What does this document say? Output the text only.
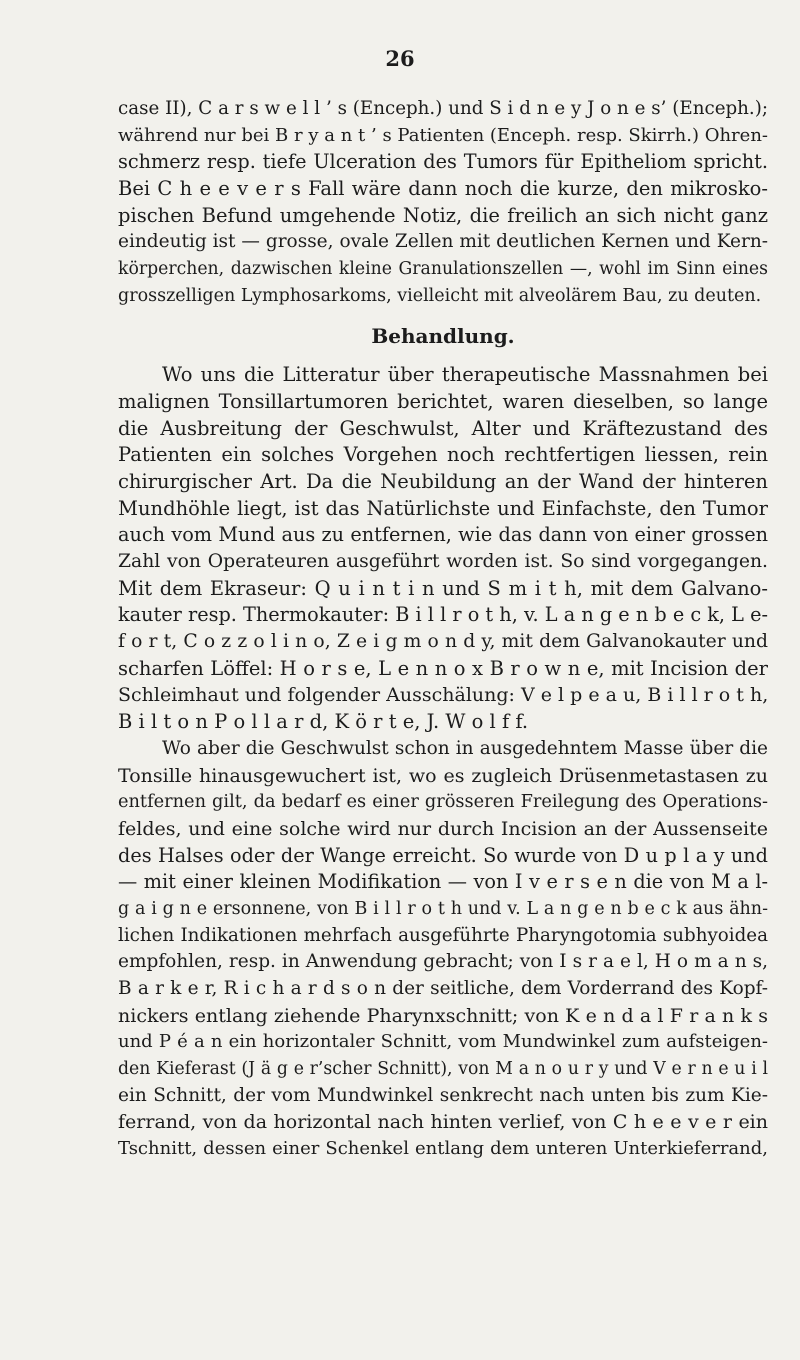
26
case II), C a r s w e l l ’ s (Enceph.) und S i d n e y J o n e s’ (Enceph.);
während nur bei B r y a n t ’ s Patienten (Enceph. resp. Skirrh.) Ohren-
schmerz resp. tiefe Ulceration des Tumors für Epitheliom spricht.
Bei C h e e v e r s Fall wäre dann noch die kurze, den mikrosko-
pischen Befund umgehende Notiz, die freilich an sich nicht ganz
eindeutig ist — grosse, ovale Zellen mit deutlichen Kernen und Kern-
körperchen, dazwischen kleine Granulationszellen —, wohl im Sinn eines
grosszelligen Lymphosarkoms, vielleicht mit alveolärem Bau, zu deuten.
Behandlung.
Wo uns die Litteratur über therapeutische Massnahmen bei
malignen Tonsillartumoren berichtet, waren dieselben, so lange
die Ausbreitung der Geschwulst, Alter und Kräftezustand des
Patienten ein solches Vorgehen noch rechtfertigen liessen, rein
chirurgischer Art. Da die Neubildung an der Wand der hinteren
Mundhöhle liegt, ist das Natürlichste und Einfachste, den Tumor
auch vom Mund aus zu entfernen, wie das dann von einer grossen
Zahl von Operateuren ausgeführt worden ist. So sind vorgegangen.
Mit dem Ekraseur: Q u i n t i n und S m i t h, mit dem Galvano-
kauter resp. Thermokauter: B i l l r o t h, v. L a n g e n b e c k, L e-
f o r t, C o z z o l i n o, Z e i g m o n d y, mit dem Galvanokauter und
scharfen Löffel: H o r s e, L e n n o x B r o w n e, mit Incision der
Schleimhaut und folgender Ausschälung: V e l p e a u, B i l l r o t h,
B i l t o n P o l l a r d, K ö r t e, J. W o l f f.
Wo aber die Geschwulst schon in ausgedehntem Masse über die
Tonsille hinausgewuchert ist, wo es zugleich Drüsenmetastasen zu
entfernen gilt, da bedarf es einer grösseren Freilegung des Operations-
feldes, und eine solche wird nur durch Incision an der Aussenseite
des Halses oder der Wange erreicht. So wurde von D u p l a y und
— mit einer kleinen Modifikation — von I v e r s e n die von M a l-
g a i g n e ersonnene, von B i l l r o t h und v. L a n g e n b e c k aus ähn-
lichen Indikationen mehrfach ausgeführte Pharyngotomia subhyoidea
empfohlen, resp. in Anwendung gebracht; von I s r a e l, H o m a n s,
B a r k e r, R i c h a r d s o n der seitliche, dem Vorderrand des Kopf-
nickers entlang ziehende Pharynxschnitt; von K e n d a l F r a n k s
und P é a n ein horizontaler Schnitt, vom Mundwinkel zum aufsteigen-
den Kieferast (J ä g e r’scher Schnitt), von M a n o u r y und V e r n e u i l
ein Schnitt, der vom Mundwinkel senkrecht nach unten bis zum Kie-
ferrand, von da horizontal nach hinten verlief, von C h e e v e r ein
Tschnitt, dessen einer Schenkel entlang dem unteren Unterkieferrand,
